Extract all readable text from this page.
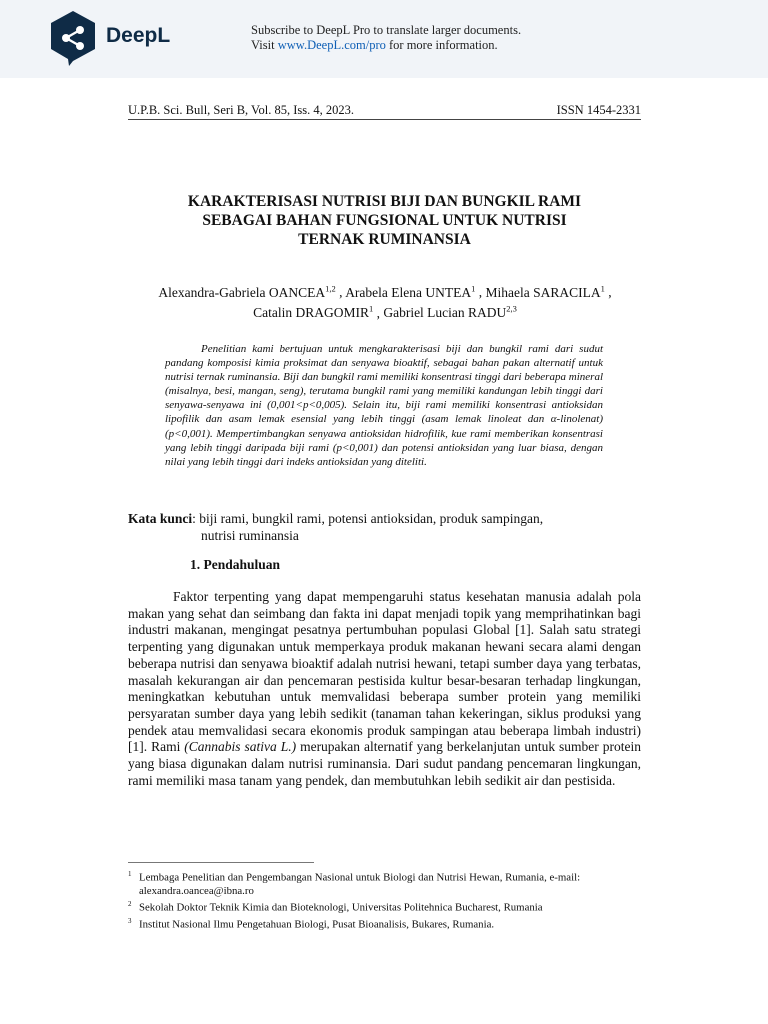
DeepL	Subscribe to DeepL Pro to translate larger documents.
Visit www.DeepL.com/pro for more information.
U.P.B. Sci. Bull, Seri B, Vol. 85, Iss. 4, 2023.	ISSN 1454-2331
KARAKTERISASI NUTRISI BIJI DAN BUNGKIL RAMI
SEBAGAI BAHAN FUNGSIONAL UNTUK NUTRISI
TERNAK RUMINANSIA
Alexandra-Gabriela OANCEA$^{1,2}$ , Arabela Elena UNTEA$^1$ , Mihaela SARACILA$^1$ , Catalin DRAGOMIR$^1$ , Gabriel Lucian RADU$^{2,3}$

Penelitian kami bertujuan untuk mengkarakterisasi biji dan bungkil rami dari sudut pandang komposisi kimia proksimat dan senyawa bioaktif, sebagai bahan pakan alternatif untuk nutrisi ternak ruminansia. Biji dan bungkil rami memiliki konsentrasi tinggi dari beberapa mineral (misalnya, besi, mangan, seng), terutama bungkil rami yang memiliki kandungan lebih tinggi dari senyawa-senyawa ini (0,001<p<0,005). Selain itu, biji rami memiliki konsentrasi antioksidan lipofilik dan asam lemak esensial yang lebih tinggi (asam lemak linoleat dan α-linolenat) (p<0,001). Mempertimbangkan senyawa antioksidan hidrofilik, kue rami memberikan konsentrasi yang lebih tinggi daripada biji rami (p<0,001) dan potensi antioksidan yang luar biasa, dengan nilai yang lebih tinggi dari indeks antioksidan yang diteliti.

Kata kunci: biji rami, bungkil rami, potensi antioksidan, produk sampingan,
nutrisi ruminansia
1. Pendahuluan

Faktor terpenting yang dapat mempengaruhi status kesehatan manusia adalah pola makan yang sehat dan seimbang dan fakta ini dapat menjadi topik yang memprihatinkan bagi industri makanan, mengingat pesatnya pertumbuhan populasi Global [1]. Salah satu strategi terpenting yang digunakan untuk memperkaya produk makanan hewani secara alami dengan beberapa nutrisi dan senyawa bioaktif adalah nutrisi hewani, tetapi sumber daya yang terbatas, masalah kekurangan air dan pencemaran pestisida kultur besar-besaran terhadap lingkungan, meningkatkan kebutuhan untuk memvalidasi beberapa sumber protein yang memiliki persyaratan sumber daya yang lebih sedikit (tanaman tahan kekeringan, siklus produksi yang pendek atau memvalidasi secara ekonomis produk sampingan atau beberapa limbah industri) [1]. Rami (Cannabis sativa L.) merupakan alternatif yang berkelanjutan untuk sumber protein yang biasa digunakan dalam nutrisi ruminansia. Dari sudut pandang pencemaran lingkungan, rami memiliki masa tanam yang pendek, dan membutuhkan lebih sedikit air dan pestisida.

$^1$ Lembaga Penelitian dan Pengembangan Nasional untuk Biologi dan Nutrisi Hewan, Rumania, e-mail: alexandra.oancea@ibna.ro

$^2$ Sekolah Doktor Teknik Kimia dan Bioteknologi, Universitas Politehnica Bucharest, Rumania

$^3$ Institut Nasional Ilmu Pengetahuan Biologi, Pusat Bioanalisis, Bukares, Rumania.
